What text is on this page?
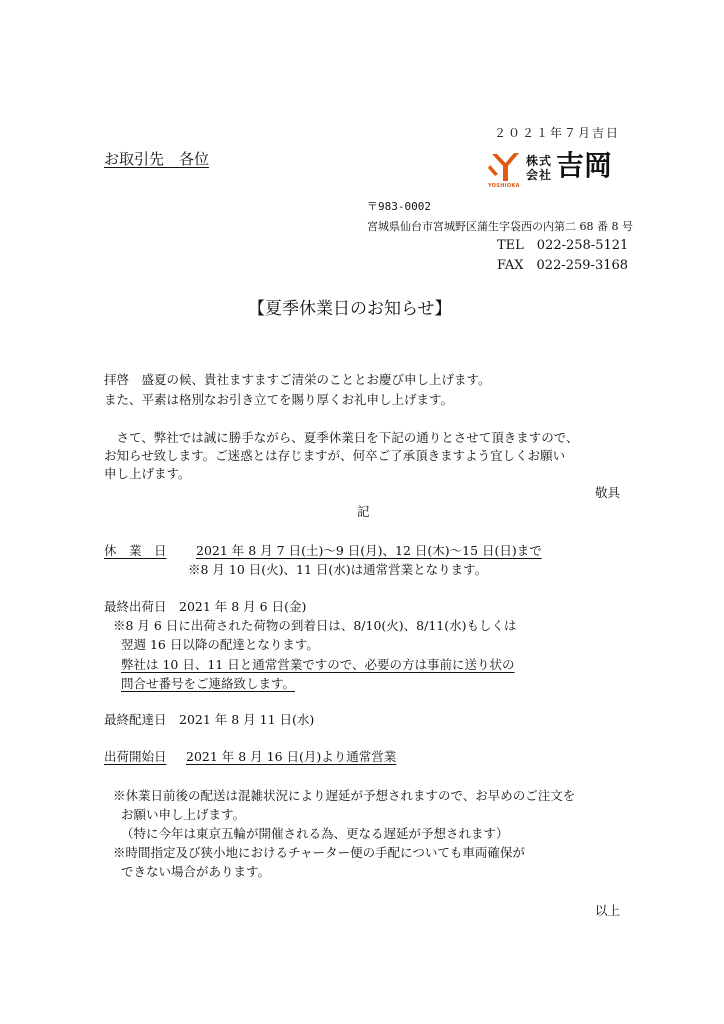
２０２１年７月吉日
お取引先　各位
YOSHIOKA
株式会社 吉岡
〒983-0002
宮城県仙台市宮城野区蒲生字袋西の内第二 68 番 8 号
TEL　022-258-5121
FAX　022-259-3168
【夏季休業日のお知らせ】
拝啓　盛夏の候、貴社ますますご清栄のこととお慶び申し上げます。
また、平素は格別なお引き立てを賜り厚くお礼申し上げます。
　さて、弊社では誠に勝手ながら、夏季休業日を下記の通りとさせて頂きますので、
お知らせ致します。ご迷惑とは存じますが、何卒ご了承頂きますよう宜しくお願い
申し上げます。
敬具
記
休　業　日 2021 年 8 月 7 日(土)～9 日(月)、12 日(木)～15 日(日)まで
※8 月 10 日(火)、11 日(水)は通常営業となります。
最終出荷日　2021 年 8 月 6 日(金)
※8 月 6 日に出荷された荷物の到着日は、8/10(火)、8/11(水)もしくは
翌週 16 日以降の配達となります。
弊社は 10 日、11 日と通常営業ですので、必要の方は事前に送り状の
問合せ番号をご連絡致します。
最終配達日　2021 年 8 月 11 日(水)
出荷開始日 2021 年 8 月 16 日(月)より通常営業
※休業日前後の配送は混雑状況により遅延が予想されますので、お早めのご注文を
お願い申し上げます。
（特に今年は東京五輪が開催される為、更なる遅延が予想されます）
※時間指定及び狭小地におけるチャーター便の手配についても車両確保が
できない場合があります。
以上
